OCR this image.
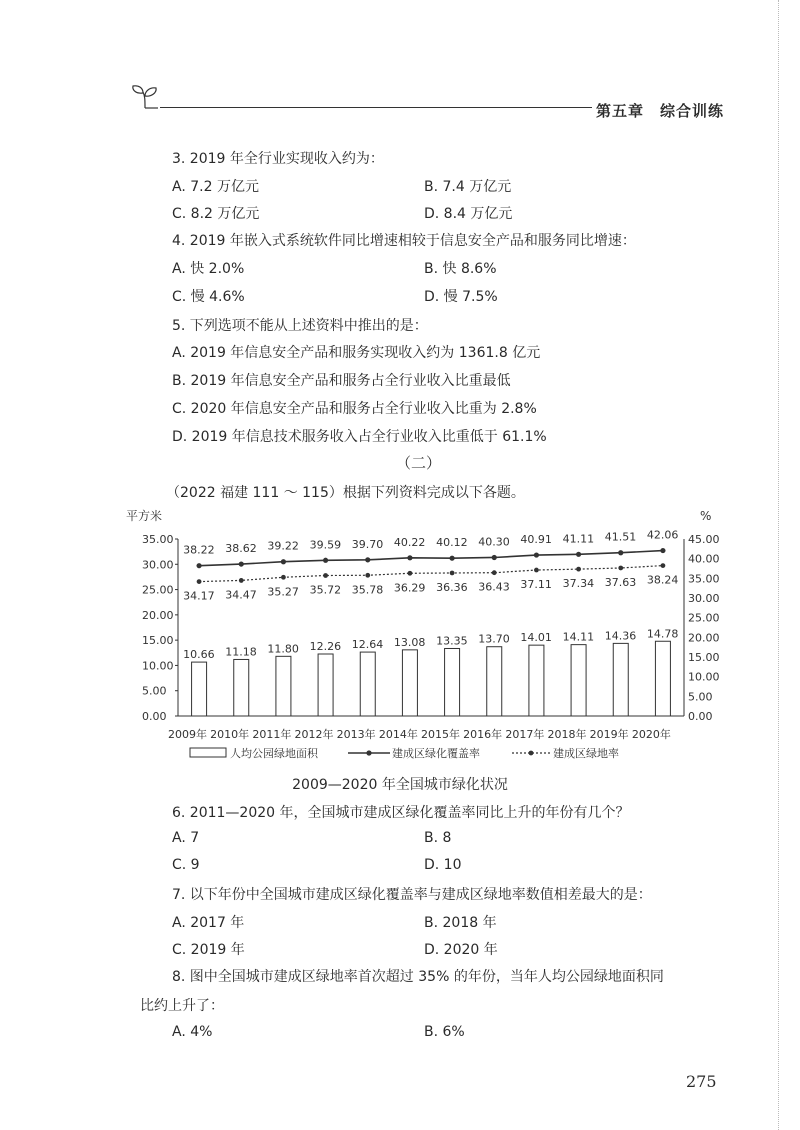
第五章　综合训练
3. 2019 年全行业实现收入约为：
A. 7.2 万亿元	B. 7.4 万亿元
C. 8.2 万亿元	D. 8.4 万亿元
4. 2019 年嵌入式系统软件同比增速相较于信息安全产品和服务同比增速：
A. 快 2.0%	B. 快 8.6%
C. 慢 4.6%	D. 慢 7.5%
5. 下列选项不能从上述资料中推出的是：
A. 2019 年信息安全产品和服务实现收入约为 1361.8 亿元
B. 2019 年信息安全产品和服务占全行业收入比重最低
C. 2020 年信息安全产品和服务占全行业收入比重为 2.8%
D. 2019 年信息技术服务收入占全行业收入比重低于 61.1%
（二）
（2022 福建 111 ～ 115）根据下列资料完成以下各题。
平方米	%
10.66 11.18 11.80 12.26 12.64 13.08 13.35 13.70 14.01 14.11 14.36 14.78
38.22 38.62 39.22 39.59 39.70 40.22 40.12 40.30 40.91 41.11 41.51 42.06
34.17 34.47 35.27 35.72 35.78 36.29 36.36 36.43 37.11 37.34 37.63 38.24
35.00
30.00
25.00
20.00
15.00
10.00
5.00
0.00
45.00
40.00
35.00
30.00
25.00
20.00
15.00
10.00
5.00
0.00
2009年 2010年 2011年 2012年 2013年 2014年 2015年 2016年 2017年 2018年 2019年 2020年
人均公园绿地面积	建成区绿化覆盖率	建成区绿地率
2009—2020 年全国城市绿化状况
6. 2011—2020 年，全国城市建成区绿化覆盖率同比上升的年份有几个？
A. 7	B. 8
C. 9	D. 10
7. 以下年份中全国城市建成区绿化覆盖率与建成区绿地率数值相差最大的是：
A. 2017 年	B. 2018 年
C. 2019 年	D. 2020 年
8. 图中全国城市建成区绿地率首次超过 35% 的年份，当年人均公园绿地面积同
比约上升了：
A. 4%	B. 6%
275
